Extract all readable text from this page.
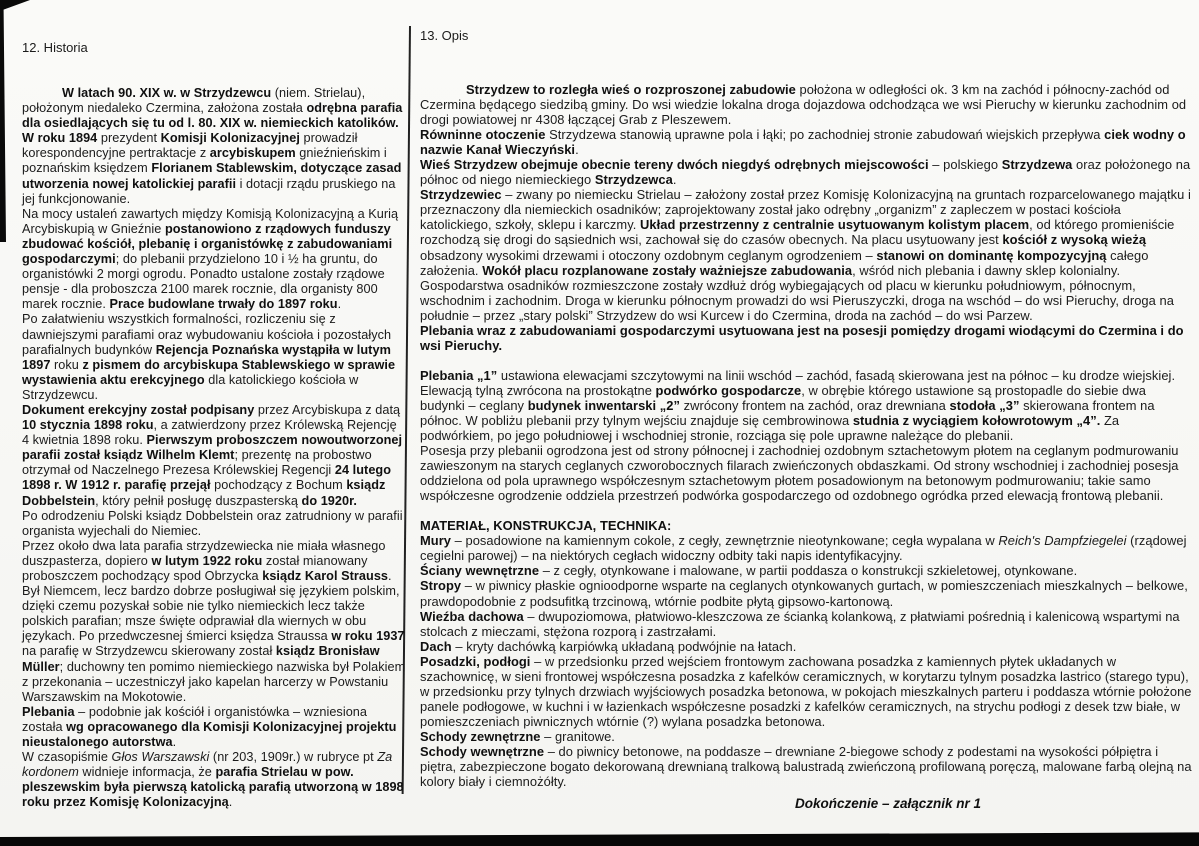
12. Historia

W latach 90. XIX w. w Strzydzewcu (niem. Strielau), położonym niedaleko Czermina, założona została odrębna parafia dla osiedlających się tu od l. 80. XIX w. niemieckich katolików. W roku 1894 prezydent Komisji Kolonizacyjnej prowadził korespondencyjne pertraktacje z arcybiskupem gnieźnieńskim i poznańskim księdzem Florianem Stablewskim, dotyczące zasad utworzenia nowej katolickiej parafii i dotacji rządu pruskiego na jej funkcjonowanie.

Na mocy ustaleń zawartych między Komisją Kolonizacyjną a Kurią Arcybiskupią w Gnieźnie postanowiono z rządowych funduszy zbudować kościół, plebanię i organistówkę z zabudowaniami gospodarczymi; do plebanii przydzielono 10 i ½ ha gruntu, do organistówki 2 morgi ogrodu. Ponadto ustalone zostały rządowe pensje - dla proboszcza 2100 marek rocznie, dla organisty 800 marek rocznie. Prace budowlane trwały do 1897 roku.

Po załatwieniu wszystkich formalności, rozliczeniu się z dawniejszymi parafiami oraz wybudowaniu kościoła i pozostałych parafialnych budynków Rejencja Poznańska wystąpiła w lutym 1897 roku z pismem do arcybiskupa Stablewskiego w sprawie wystawienia aktu erekcyjnego dla katolickiego kościoła w Strzydzewcu.

Dokument erekcyjny został podpisany przez Arcybiskupa z datą 10 stycznia 1898 roku, a zatwierdzony przez Królewską Rejencję 4 kwietnia 1898 roku. Pierwszym proboszczem nowoutworzonej parafii został ksiądz Wilhelm Klemt; prezentę na probostwo otrzymał od Naczelnego Prezesa Królewskiej Regencji 24 lutego 1898 r. W 1912 r. parafię przejął pochodzący z Bochum ksiądz Dobbelstein, który pełnił posługę duszpasterską do 1920r.

Po odrodzeniu Polski ksiądz Dobbelstein oraz zatrudniony w parafii organista wyjechali do Niemiec.

Przez około dwa lata parafia strzydzewiecka nie miała własnego duszpasterza, dopiero w lutym 1922 roku został mianowany proboszczem pochodzący spod Obrzycka ksiądz Karol Strauss. Był Niemcem, lecz bardzo dobrze posługiwał się językiem polskim, dzięki czemu pozyskał sobie nie tylko niemieckich lecz także polskich parafian; msze święte odprawiał dla wiernych w obu językach. Po przedwczesnej śmierci księdza Straussa w roku 1937 na parafię w Strzydzewcu skierowany został ksiądz Bronisław Müller; duchowny ten pomimo niemieckiego nazwiska był Polakiem z przekonania – uczestniczył jako kapelan harcerzy w Powstaniu Warszawskim na Mokotowie.

Plebania – podobnie jak kościół i organistówka – wzniesiona została wg opracowanego dla Komisji Kolonizacyjnej projektu nieustalonego autorstwa.

W czasopiśmie Głos Warszawski (nr 203, 1909r.) w rubryce pt Za kordonem widnieje informacja, że parafia Strielau w pow. pleszewskim była pierwszą katolicką parafią utworzoną w 1898 roku przez Komisję Kolonizacyjną.

13. Opis

Strzydzew to rozległa wieś o rozproszonej zabudowie położona w odległości ok. 3 km na zachód i północny-zachód od Czermina będącego siedzibą gminy. Do wsi wiedzie lokalna droga dojazdowa odchodząca we wsi Pieruchy w kierunku zachodnim od drogi powiatowej nr 4308 łączącej Grab z Pleszewem.

Równinne otoczenie Strzydzewa stanowią uprawne pola i łąki; po zachodniej stronie zabudowań wiejskich przepływa ciek wodny o nazwie Kanał Wieczyński.

Wieś Strzydzew obejmuje obecnie tereny dwóch niegdyś odrębnych miejscowości – polskiego Strzydzewa oraz położonego na północ od niego niemieckiego Strzydzewca.

Strzydzewiec – zwany po niemiecku Strielau – założony został przez Komisję Kolonizacyjną na gruntach rozparcelowanego majątku i przeznaczony dla niemieckich osadników; zaprojektowany został jako odrębny „organizm” z zapleczem w postaci kościoła katolickiego, szkoły, sklepu i karczmy. Układ przestrzenny z centralnie usytuowanym kolistym placem, od którego promieniście rozchodzą się drogi do sąsiednich wsi, zachował się do czasów obecnych. Na placu usytuowany jest kościół z wysoką wieżą obsadzony wysokimi drzewami i otoczony ozdobnym ceglanym ogrodzeniem – stanowi on dominantę kompozycyjną całego założenia. Wokół placu rozplanowane zostały ważniejsze zabudowania, wśród nich plebania i dawny sklep kolonialny. Gospodarstwa osadników rozmieszczone zostały wzdłuż dróg wybiegających od placu w kierunku południowym, północnym, wschodnim i zachodnim. Droga w kierunku północnym prowadzi do wsi Pieruszyczki, droga na wschód – do wsi Pieruchy, droga na południe – przez „stary polski” Strzydzew do wsi Kurcew i do Czermina, droda na zachód – do wsi Parzew.

Plebania wraz z zabudowaniami gospodarczymi usytuowana jest na posesji pomiędzy drogami wiodącymi do Czermina i do wsi Pieruchy.

Plebania „1” ustawiona elewacjami szczytowymi na linii wschód – zachód, fasadą skierowana jest na północ – ku drodze wiejskiej. Elewacją tylną zwrócona na prostokątne podwórko gospodarcze, w obrębie którego ustawione są prostopadle do siebie dwa budynki – ceglany budynek inwentarski „2” zwrócony frontem na zachód, oraz drewniana stodoła „3” skierowana frontem na północ. W pobliżu plebanii przy tylnym wejściu znajduje się cembrowinowa studnia z wyciągiem kołowrotowym „4”. Za podwórkiem, po jego południowej i wschodniej stronie, rozciąga się pole uprawne należące do plebanii.

Posesja przy plebanii ogrodzona jest od strony północnej i zachodniej ozdobnym sztachetowym płotem na ceglanym podmurowaniu zawieszonym na starych ceglanych czworobocznych filarach zwieńczonych obdaszkami. Od strony wschodniej i zachodniej posesja oddzielona od pola uprawnego współczesnym sztachetowym płotem posadowionym na betonowym podmurowaniu; takie samo współczesne ogrodzenie oddziela przestrzeń podwórka gospodarczego od ozdobnego ogródka przed elewacją frontową plebanii.

MATERIAŁ, KONSTRUKCJA, TECHNIKA:

Mury – posadowione na kamiennym cokole, z cegły, zewnętrznie nieotynkowane; cegła wypalana w Reich's Dampfziegelei (rządowej cegielni parowej) – na niektórych cegłach widoczny odbity taki napis identyfikacyjny.

Ściany wewnętrzne – z cegły, otynkowane i malowane, w partii poddasza o konstrukcji szkieletowej, otynkowane.

Stropy – w piwnicy płaskie ognioodporne wsparte na ceglanych otynkowanych gurtach, w pomieszczeniach mieszkalnych – belkowe, prawdopodobnie z podsufitką trzcinową, wtórnie podbite płytą gipsowo-kartonową.

Wieźba dachowa – dwupoziomowa, płatwiowo-kleszczowa ze ścianką kolankową, z płatwiami pośrednią i kalenicową wspartymi na stolcach z mieczami, stężona rozporą i zastrzałami.

Dach – kryty dachówką karpiówką układaną podwójnie na łatach.

Posadzki, podłogi – w przedsionku przed wejściem frontowym zachowana posadzka z kamiennych płytek układanych w szachownicę, w sieni frontowej współczesna posadzka z kafelków ceramicznych, w korytarzu tylnym posadzka lastrico (starego typu), w przedsionku przy tylnych drzwiach wyjściowych posadzka betonowa, w pokojach mieszkalnych parteru i poddasza wtórnie położone panele podłogowe, w kuchni i w łazienkach współczesne posadzki z kafelków ceramicznych, na strychu podłogi z desek tzw białe, w pomieszczeniach piwnicznych wtórnie (?) wylana posadzka betonowa.

Schody zewnętrzne – granitowe.

Schody wewnętrzne – do piwnicy betonowe, na poddasze – drewniane 2-biegowe schody z podestami na wysokości półpiętra i piętra, zabezpieczone bogato dekorowaną drewnianą tralkową balustradą zwieńczoną profilowaną poręczą, malowane farbą olejną na kolory biały i ciemnożółty.

Dokończenie – załącznik nr 1
